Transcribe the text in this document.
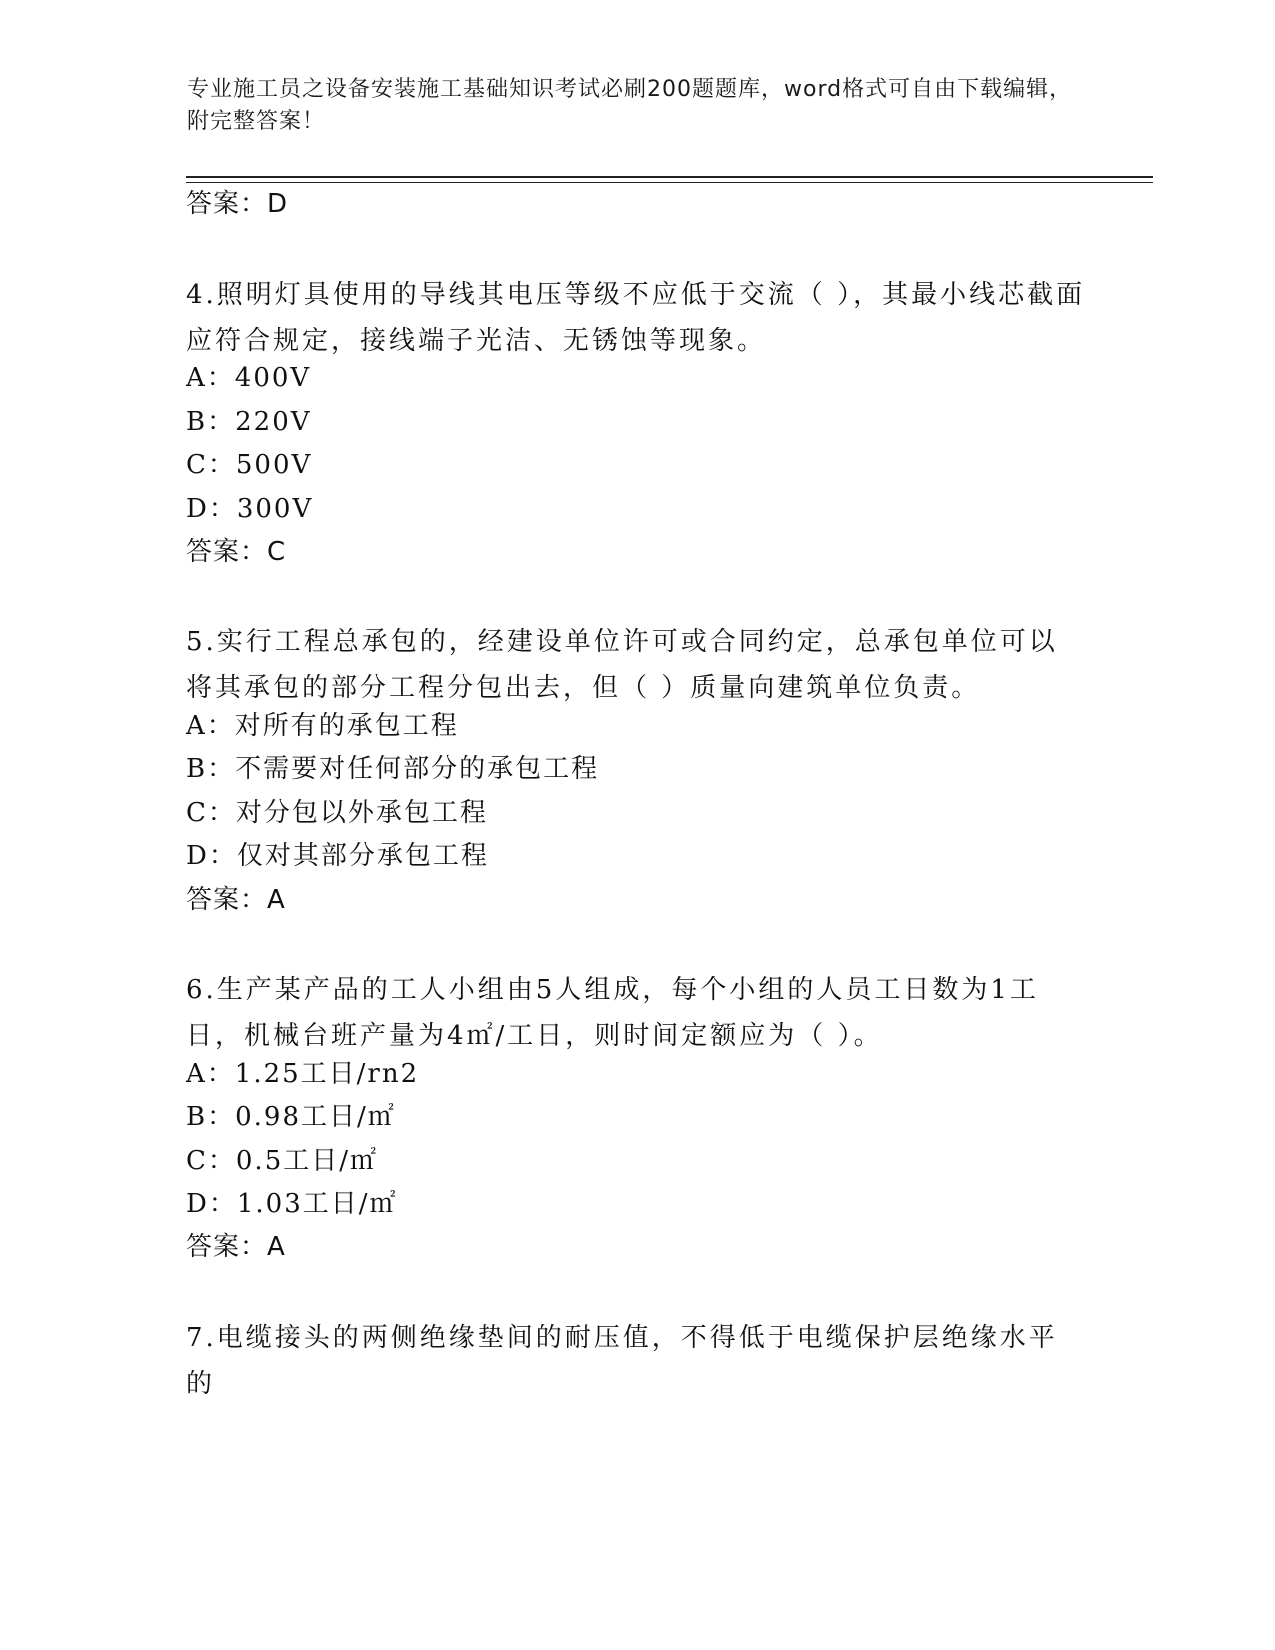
专业施工员之设备安装施工基础知识考试必刷200题题库，word格式可自由下载编辑，附完整答案！
答案：D
4.照明灯具使用的导线其电压等级不应低于交流（ ），其最小线芯截面应符合规定，接线端子光洁、无锈蚀等现象。
A：400V
B：220V
C：500V
D：300V
答案：C
5.实行工程总承包的，经建设单位许可或合同约定，总承包单位可以将其承包的部分工程分包出去，但（ ）质量向建筑单位负责。
A：对所有的承包工程
B：不需要对任何部分的承包工程
C：对分包以外承包工程
D：仅对其部分承包工程
答案：A
6.生产某产品的工人小组由5人组成，每个小组的人员工日数为1工日，机械台班产量为4㎡/工日，则时间定额应为（ ）。
A：1.25工日/rn2
B：0.98工日/㎡
C：0.5工日/㎡
D：1.03工日/㎡
答案：A
7.电缆接头的两侧绝缘垫间的耐压值，不得低于电缆保护层绝缘水平的
